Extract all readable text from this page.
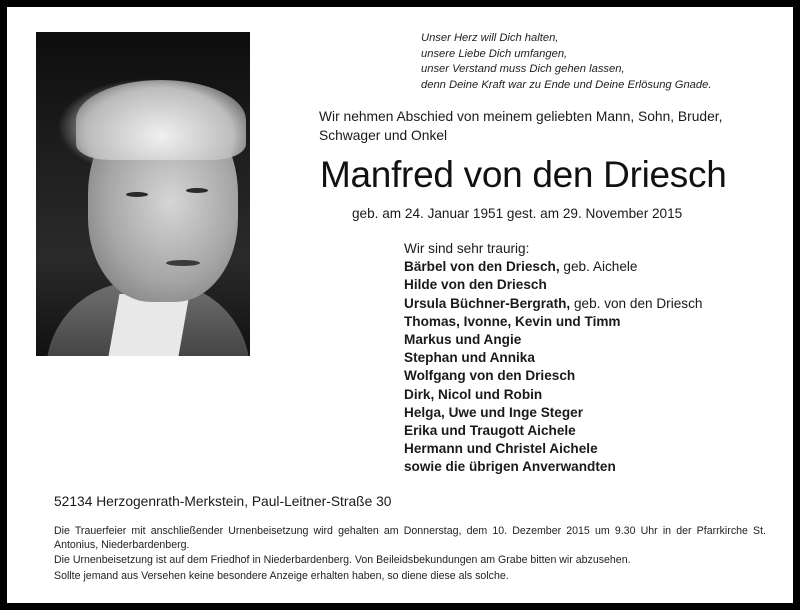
Unser Herz will Dich halten,
unsere Liebe Dich umfangen,
unser Verstand muss Dich gehen lassen,
denn Deine Kraft war zu Ende und Deine Erlösung Gnade.
Wir nehmen Abschied von meinem geliebten Mann, Sohn, Bruder, Schwager und Onkel
Manfred von den Driesch
geb. am 24. Januar 1951 gest. am 29. November 2015
Wir sind sehr traurig:
Bärbel von den Driesch, geb. Aichele
Hilde von den Driesch
Ursula Büchner-Bergrath, geb. von den Driesch
Thomas, Ivonne, Kevin und Timm
Markus und Angie
Stephan und Annika
Wolfgang von den Driesch
Dirk, Nicol und Robin
Helga, Uwe und Inge Steger
Erika und Traugott Aichele
Hermann und Christel Aichele
sowie die übrigen Anverwandten
52134 Herzogenrath-Merkstein, Paul-Leitner-Straße 30

Die Trauerfeier mit anschließender Urnenbeisetzung wird gehalten am Donnerstag, dem 10. Dezember 2015 um 9.30 Uhr in der Pfarrkirche St. Antonius, Niederbardenberg.

Die Urnenbeisetzung ist auf dem Friedhof in Niederbardenberg. Von Beileidsbekundungen am Grabe bitten wir abzusehen.

Sollte jemand aus Versehen keine besondere Anzeige erhalten haben, so diene diese als solche.
